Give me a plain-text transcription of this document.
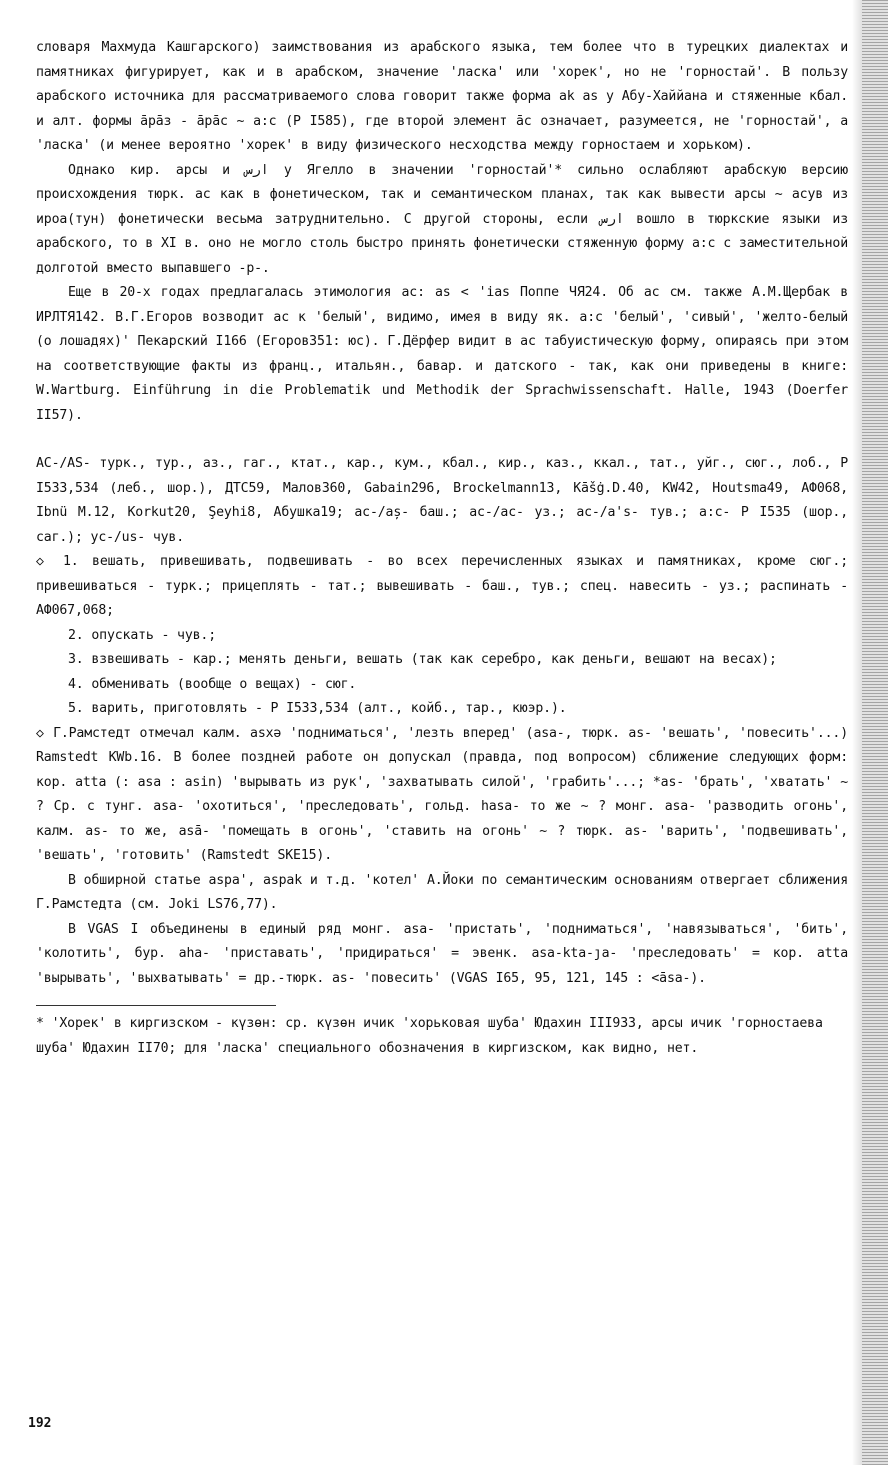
словаря Махмуда Кашгарского) заимствования из арабского языка, тем более что в турецких диалектах и памятниках фигурирует, как и в арабском, значение 'ласка' или 'хорек', но не 'горностай'. В пользу арабского источника для рассматриваемого слова говорит также форма ak as у Абу-Хаййана и стяженные кбал. и алт. формы а̄ра̄з - а̄ра̄с ~ а:с (Р I585), где второй элемент а̄с означает, разумеется, не 'горностай', а 'ласка' (и менее вероятно 'хорек' в виду физического несходства между горностаем и хорьком).

Однако кир. арсы и ارس у Ягелло в значении 'горностай'* сильно ослабляют арабскую версию происхождения тюрк. ас как в фонетическом, так и семантическом планах, так как вывести арсы ~ асув из ироа(тун) фонетически весьма затруднительно. С другой стороны, если ارس вошло в тюркские языки из арабского, то в XI в. оно не могло столь быстро принять фонетически стяженную форму а:с с заместительной долготой вместо выпавшего -р-.

Еще в 20-х годах предлагалась этимология ас: as < 'ias Поппе ЧЯ24. Об ас см. также А.М.Щербак в ИРЛТЯ142. В.Г.Егоров возводит ас к 'белый', видимо, имея в виду як. а:с 'белый', 'сивый', 'желто-белый (о лошадях)' Пекарский I166 (Егоров351: юс). Г.Дёрфер видит в ас табуистическую форму, опираясь при этом на соответствующие факты из франц., итальян., бавар. и датского - так, как они приведены в книге: W.Wartburg. Einführung in die Problematik und Methodik der Sprachwissenschaft. Halle, 1943 (Doerfer II57).

АС-/AS- турк., тур., аз., гаг., ктат., кар., кум., кбал., кир., каз., ккал., тат., уйг., сюг., лоб., Р I533,534 (леб., шор.), ДТС59, Малов360, Gabain296, Brockelmann13, Kāšġ.D.40, KW42, Houtsma49, АФ068, Ibnü M.12, Korkut20, Şeyhi8, Абушка19; ас-/аș- баш.; ас-/ас- уз.; ас-/а's- тув.; а:с- Р I535 (шор., саг.); ус-/us- чув.

◇ 1. вешать, привешивать, подвешивать - во всех перечисленных языках и памятниках, кроме сюг.; привешиваться - турк.; прицеплять - тат.; вывешивать - баш., тув.; спец. навесить - уз.; распинать - АФ067,068;

2. опускать - чув.;

3. взвешивать - кар.; менять деньги, вешать (так как серебро, как деньги, вешают на весах);

4. обменивать (вообще о вещах) - сюг.

5. варить, приготовлять - Р I533,534 (алт., койб., тар., кюэр.).

◇ Г.Рамстедт отмечал калм. asxə 'подниматься', 'лезть вперед' (asa-, тюрк. as- 'вешать', 'повесить'...) Ramstedt KWb.16. В более поздней работе он допускал (правда, под вопросом) сближение следующих форм: кор. atta (: asa : asin) 'вырывать из рук', 'захватывать силой', 'грабить'...; *as- 'брать', 'хватать' ~ ? Ср. с тунг. asa- 'охотиться', 'преследовать', гольд. hasa- то же ~ ? монг. asa- 'разводить огонь', калм. as- то же, asā- 'помещать в огонь', 'ставить на огонь' ~ ? тюрк. as- 'варить', 'подвешивать', 'вешать', 'готовить' (Ramstedt SKE15).

В обширной статье aspa', aspak и т.д. 'котел' А.Йоки по семантическим основаниям отвергает сближения Г.Рамстедта (см. Joki LS76,77).

В VGAS I объединены в единый ряд монг. asa- 'пристать', 'подниматься', 'навязываться', 'бить', 'колотить', бур. aha- 'приставать', 'придираться' = эвенк. asa-kta-ȷa- 'преследовать' = кор. atta 'вырывать', 'выхватывать' = др.-тюрк. as- 'повесить' (VGAS I65, 95, 121, 145 : <āsa-).

* 'Хорек' в киргизском - күзөн: ср. күзөн ичик 'хорьковая шуба' Юдахин III933, арсы ичик 'горностаева шуба' Юдахин II70; для 'ласка' специального обозначения в киргизском, как видно, нет.

192
